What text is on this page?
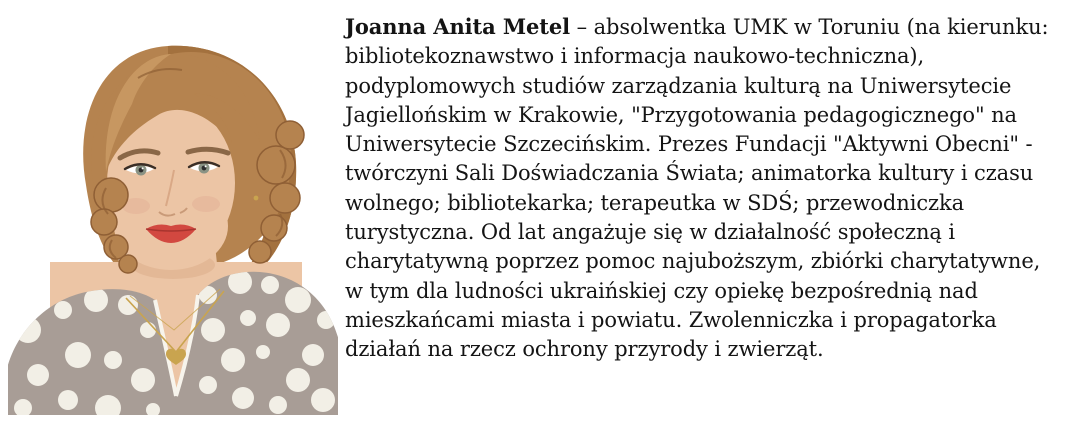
Joanna Anita Metel – absolwentka UMK w Toruniu (na kierunku: bibliotekoznawstwo i informacja naukowo-techniczna), podyplomowych studiów zarządzania kulturą na Uniwersytecie Jagiellońskim w Krakowie, "Przygotowania pedagogicznego" na Uniwersytecie Szczecińskim. Prezes Fundacji "Aktywni Obecni" - twórczyni Sali Doświadczania Świata; animatorka kultury i czasu wolnego; bibliotekarka; terapeutka w SDŚ; przewodniczka turystyczna. Od lat angażuje się w działalność społeczną i charytatywną poprzez pomoc najuboższym, zbiórki charytatywne, w tym dla ludności ukraińskiej czy opiekę bezpośrednią nad mieszkańcami miasta i powiatu. Zwolenniczka i propagatorka działań na rzecz ochrony przyrody i zwierząt.
